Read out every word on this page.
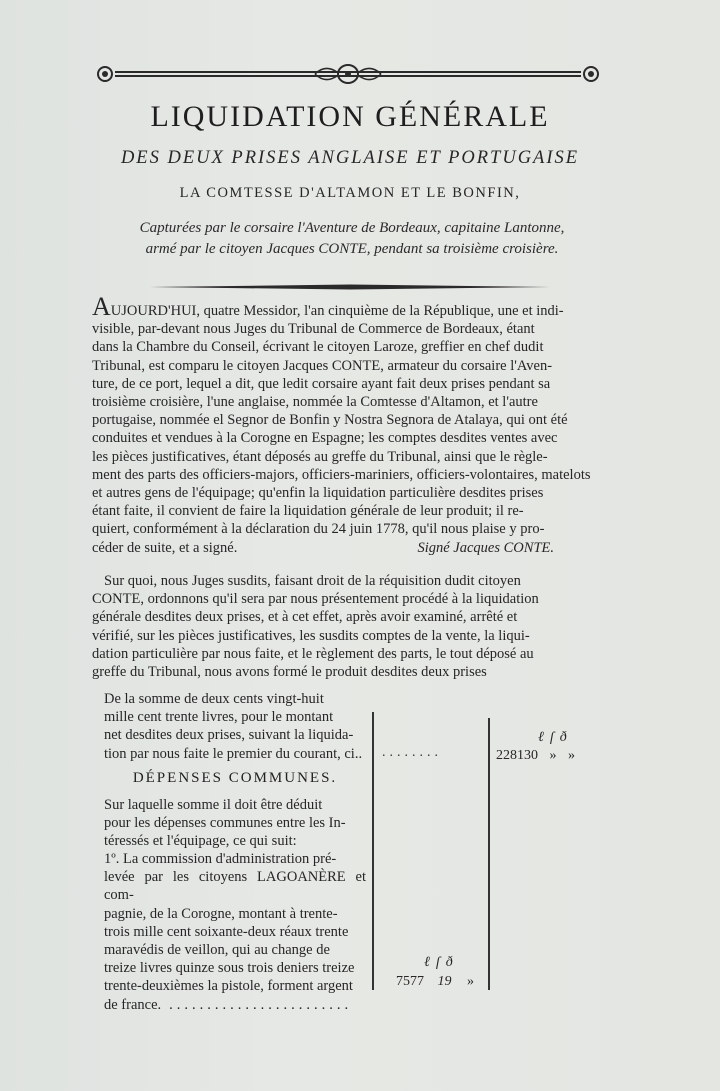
LIQUIDATION GÉNÉRALE
DES DEUX PRISES ANGLAISE ET PORTUGAISE
LA COMTESSE D'ALTAMON ET LE BONFIN,
Capturées par le corsaire l'Aventure de Bordeaux, capitaine Lantonne,
armé par le citoyen Jacques CONTE, pendant sa troisième croisière.
AUJOURD'HUI, quatre Messidor, l'an cinquième de la République, une et indi-
visible, par-devant nous Juges du Tribunal de Commerce de Bordeaux, étant
dans la Chambre du Conseil, écrivant le citoyen Laroze, greffier en chef dudit
Tribunal, est comparu le citoyen Jacques CONTE, armateur du corsaire l'Aven-
ture, de ce port, lequel a dit, que ledit corsaire ayant fait deux prises pendant sa
troisième croisière, l'une anglaise, nommée la Comtesse d'Altamon, et l'autre
portugaise, nommée el Segnor de Bonfin y Nostra Segnora de Atalaya, qui ont été
conduites et vendues à la Corogne en Espagne; les comptes desdites ventes avec
les pièces justificatives, étant déposés au greffe du Tribunal, ainsi que le règle-
ment des parts des officiers-majors, officiers-mariniers, officiers-volontaires, matelots
et autres gens de l'équipage; qu'enfin la liquidation particulière desdites prises
étant faite, il convient de faire la liquidation générale de leur produit; il re-
quiert, conformément à la déclaration du 24 juin 1778, qu'il nous plaise y pro-
céder de suite, et a signé.	Signé Jacques CONTE.
Sur quoi, nous Juges susdits, faisant droit de la réquisition dudit citoyen
CONTE, ordonnons qu'il sera par nous présentement procédé à la liquidation
générale desdites deux prises, et à cet effet, après avoir examiné, arrêté et
vérifié, sur les pièces justificatives, les susdits comptes de la vente, la liqui-
dation particulière par nous faite, et le règlement des parts, le tout déposé au
greffe du Tribunal, nous avons formé le produit desdites deux prises
De la somme de deux cents vingt-huit
mille cent trente livres, pour le montant
net desdites deux prises, suivant la liquida-
tion par nous faite le premier du courant, ci..
DÉPENSES COMMUNES.
Sur laquelle somme il doit être déduit
pour les dépenses communes entre les In-
téressés et l'équipage, ce qui suit:
1º. La commission d'administration pré-
levée par les citoyens LAGOANÈRE et com-
pagnie, de la Corogne, montant à trente-
trois mille cent soixante-deux réaux trente
maravédis de veillon, qui au change de
treize livres quinze sous trois deniers treize
trente-deuxièmes la pistole, forment argent
de france. ........................
ℓſð
........	228130 » »
ℓſð
7577 19 »
